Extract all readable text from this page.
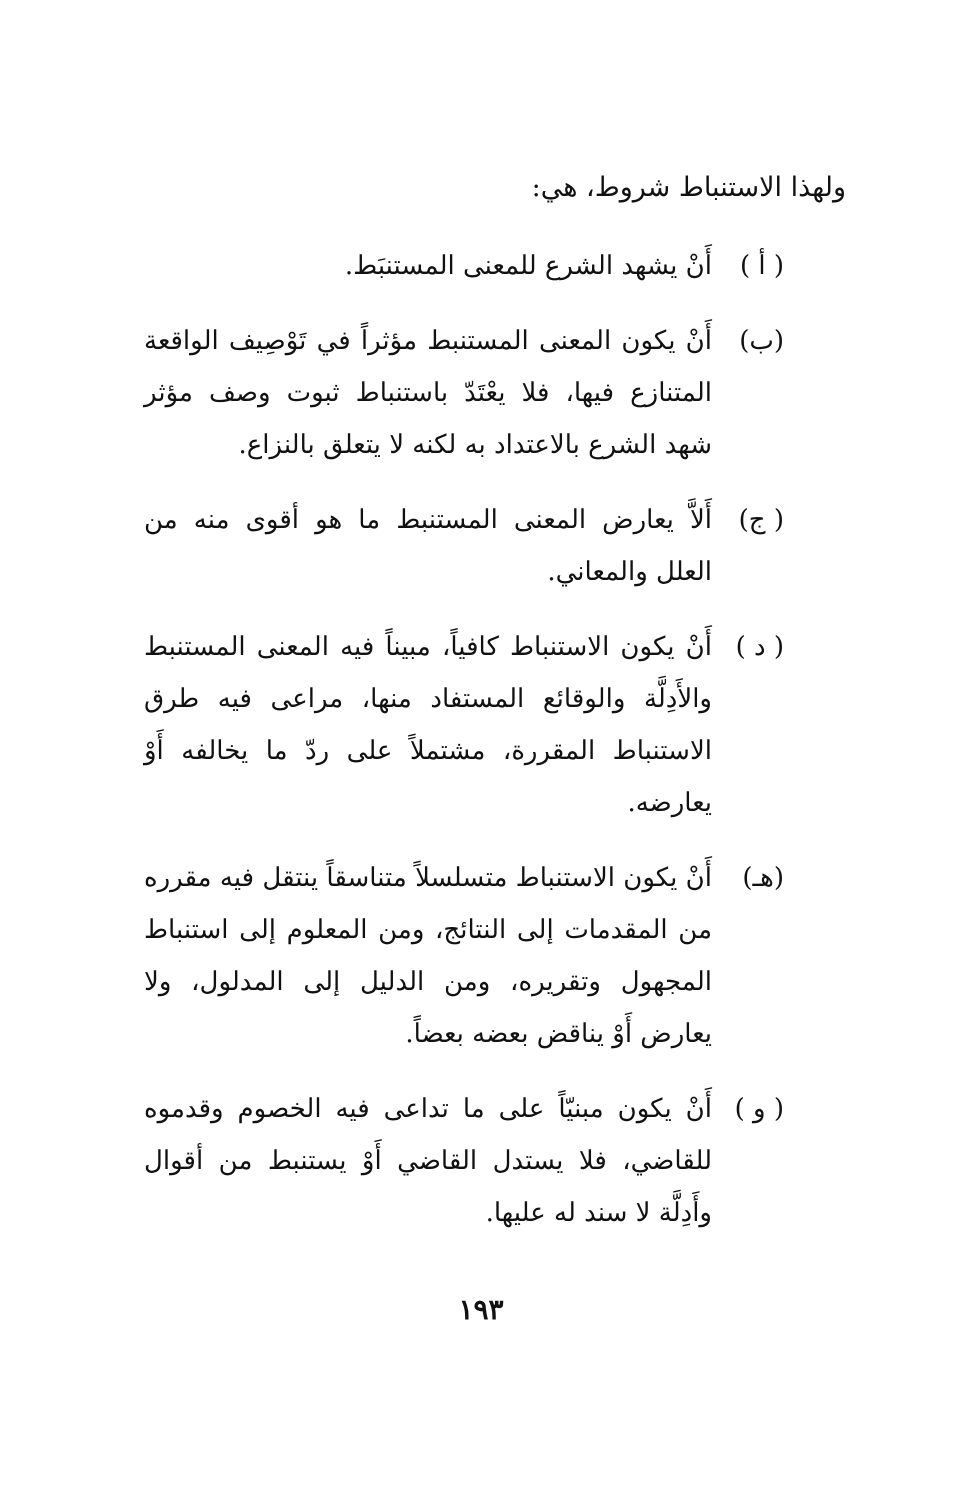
ولهذا الاستنباط شروط، هي:
( أ )
أَنْ يشهد الشرع للمعنى المستنبَط.
(ب)
أَنْ يكون المعنى المستنبط مؤثراً في تَوْصِيف الواقعة المتنازع فيها، فلا يعْتَدّ باستنباط ثبوت وصف مؤثر شهد الشرع بالاعتداد به لكنه لا يتعلق بالنزاع.
( ج)
أَلاَّ يعارض المعنى المستنبط ما هو أقوى منه من العلل والمعاني.
( د )
أَنْ يكون الاستنباط كافياً، مبيناً فيه المعنى المستنبط والأَدِلَّة والوقائع المستفاد منها، مراعى فيه طرق الاستنباط المقررة، مشتملاً على ردّ ما يخالفه أَوْ يعارضه.
(هـ)
أَنْ يكون الاستنباط متسلسلاً متناسقاً ينتقل فيه مقرره من المقدمات إلى النتائج، ومن المعلوم إلى استنباط المجهول وتقريره، ومن الدليل إلى المدلول، ولا يعارض أَوْ يناقض بعضه بعضاً.
( و )
أَنْ يكون مبنيّاً على ما تداعى فيه الخصوم وقدموه للقاضي، فلا يستدل القاضي أَوْ يستنبط من أقوال وأَدِلَّة لا سند له عليها.
١٩٣
